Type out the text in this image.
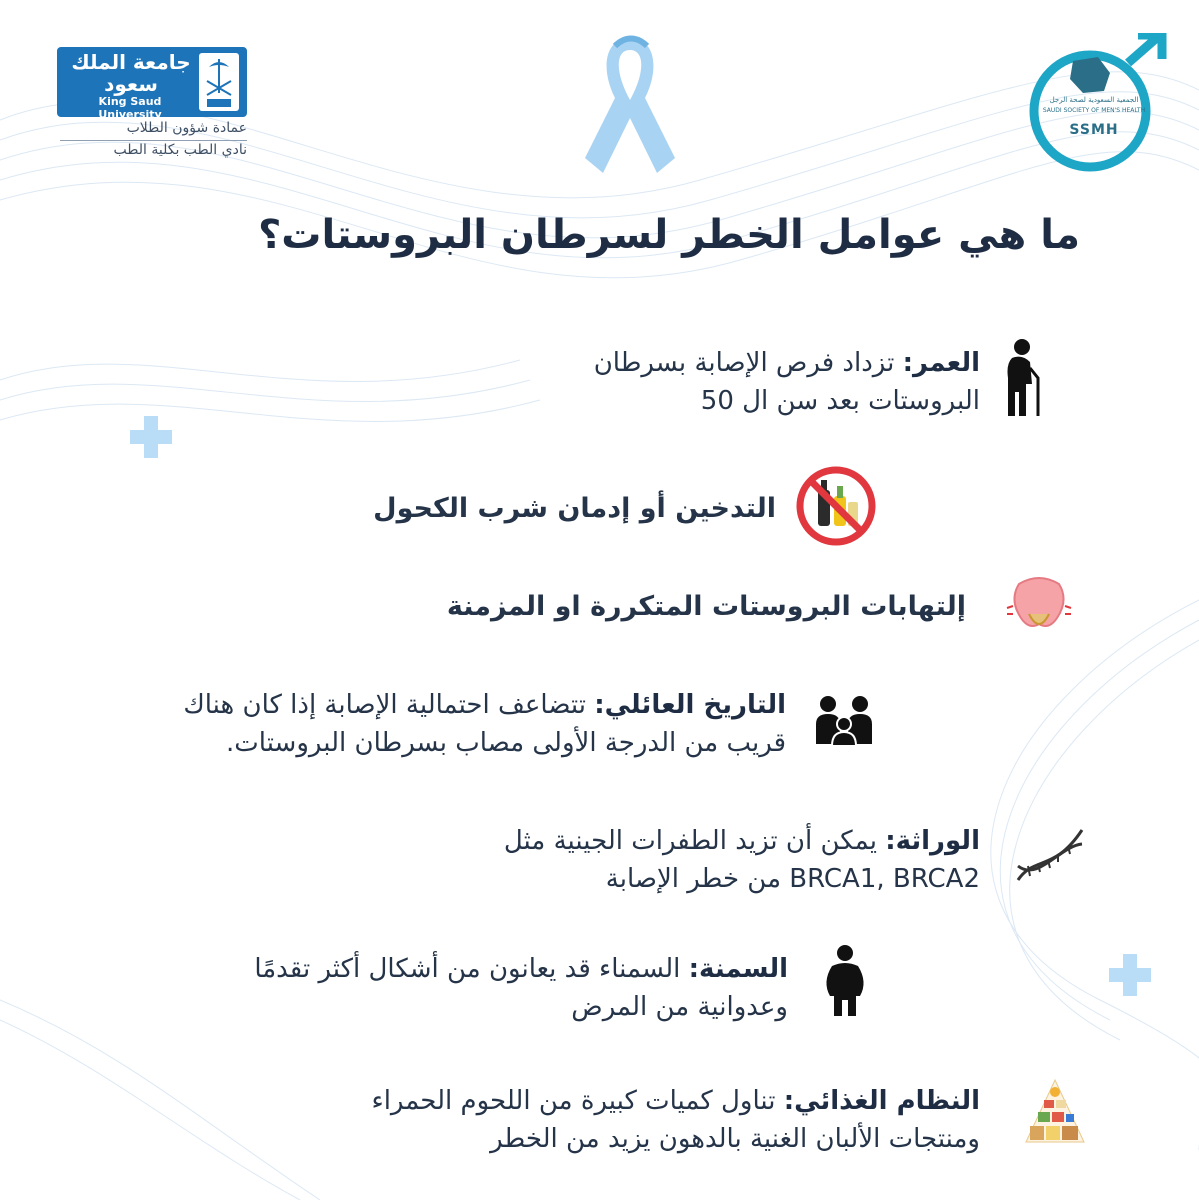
جامعة الملك سعود
King Saud University
عمادة شؤون الطلاب
نادي الطب بكلية الطب
الجمعية السعودية لصحة الرجل
SAUDI SOCIETY OF MEN'S HEALTH
SSMH
ما هي عوامل الخطر لسرطان البروستات؟
العمر: تزداد فرص الإصابة بسرطان
البروستات بعد سن ال 50
التدخين أو إدمان شرب الكحول
إلتهابات البروستات المتكررة او المزمنة
التاريخ العائلي: تتضاعف احتمالية الإصابة إذا كان هناك
قريب من الدرجة الأولى مصاب بسرطان البروستات.
الوراثة: يمكن أن تزيد الطفرات الجينية مثل
BRCA1, BRCA2 من خطر الإصابة
السمنة: السمناء قد يعانون من أشكال أكثر تقدمًا
وعدوانية من المرض
النظام الغذائي: تناول كميات كبيرة من اللحوم الحمراء
ومنتجات الألبان الغنية بالدهون يزيد من الخطر
